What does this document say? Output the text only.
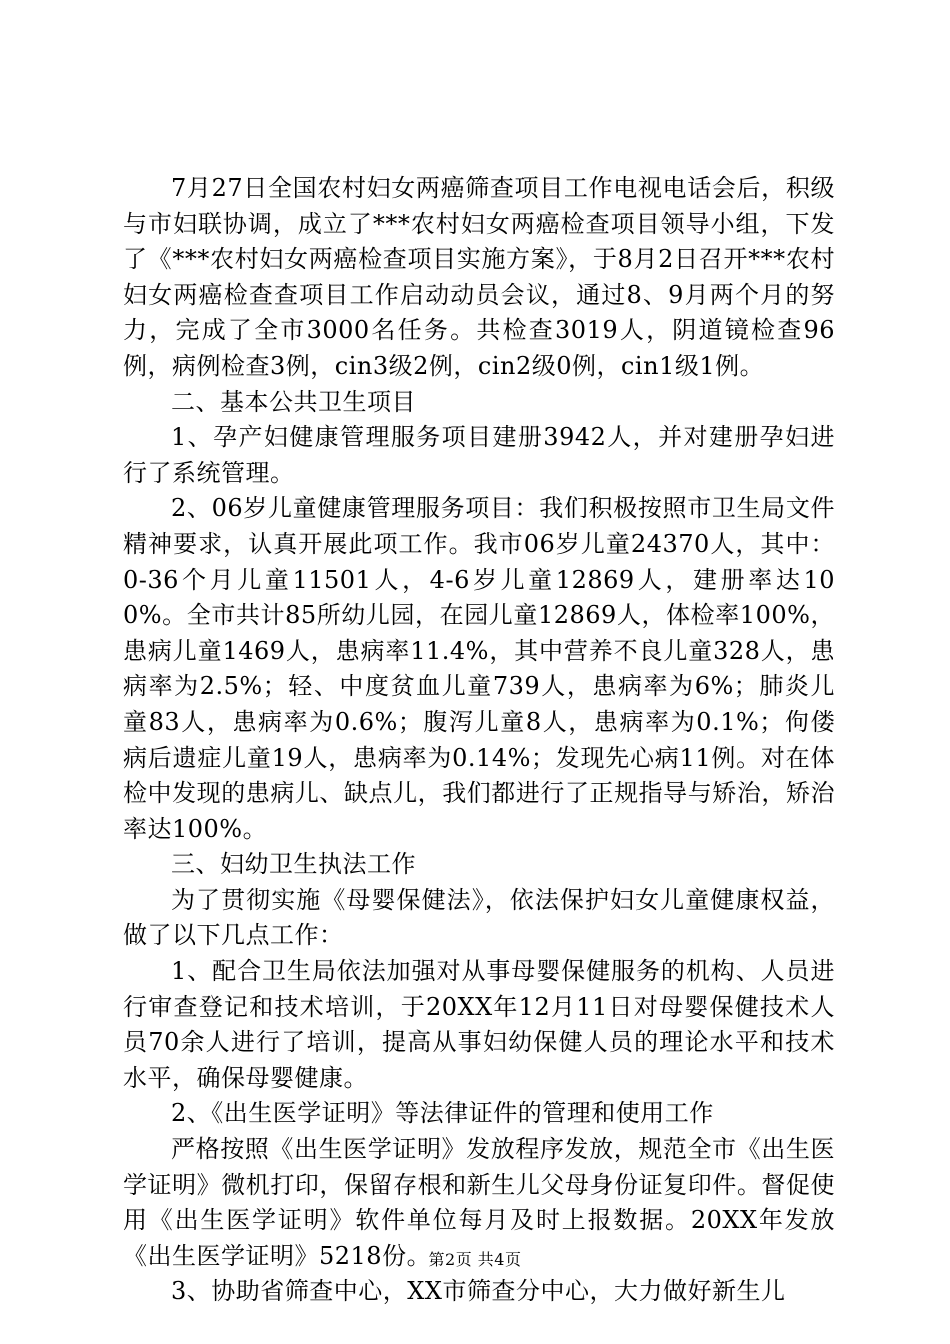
7月27日全国农村妇女两癌筛查项目工作电视电话会后，积级与市妇联协调，成立了***农村妇女两癌检查项目领导小组，下发了《***农村妇女两癌检查项目实施方案》，于8月2日召开***农村妇女两癌检查查项目工作启动动员会议，通过8、9月两个月的努力，完成了全市3000名任务。共检查3019人，阴道镜检查96例，病例检查3例，cin3级2例，cin2级0例，cin1级1例。

二、基本公共卫生项目

1、孕产妇健康管理服务项目建册3942人，并对建册孕妇进行了系统管理。

2、06岁儿童健康管理服务项目：我们积极按照市卫生局文件精神要求，认真开展此项工作。我市06岁儿童24370人，其中：0-36个月儿童11501人，4-6岁儿童12869人，建册率达100%。全市共计85所幼儿园，在园儿童12869人，体检率100%，患病儿童1469人，患病率11.4%，其中营养不良儿童328人，患病率为2.5%；轻、中度贫血儿童739人，患病率为6%；肺炎儿童83人，患病率为0.6%；腹泻儿童8人，患病率为0.1%；佝偻病后遗症儿童19人，患病率为0.14%；发现先心病11例。对在体检中发现的患病儿、缺点儿，我们都进行了正规指导与矫治，矫治率达100%。

三、妇幼卫生执法工作

为了贯彻实施《母婴保健法》，依法保护妇女儿童健康权益，做了以下几点工作：

1、配合卫生局依法加强对从事母婴保健服务的机构、人员进行审查登记和技术培训，于20XX年12月11日对母婴保健技术人员70余人进行了培训，提高从事妇幼保健人员的理论水平和技术水平，确保母婴健康。

2、《出生医学证明》等法律证件的管理和使用工作

严格按照《出生医学证明》发放程序发放，规范全市《出生医学证明》微机打印，保留存根和新生儿父母身份证复印件。督促使用《出生医学证明》软件单位每月及时上报数据。20XX年发放《出生医学证明》5218份。

3、协助省筛查中心，XX市筛查分中心，大力做好新生儿

第2页 共4页
